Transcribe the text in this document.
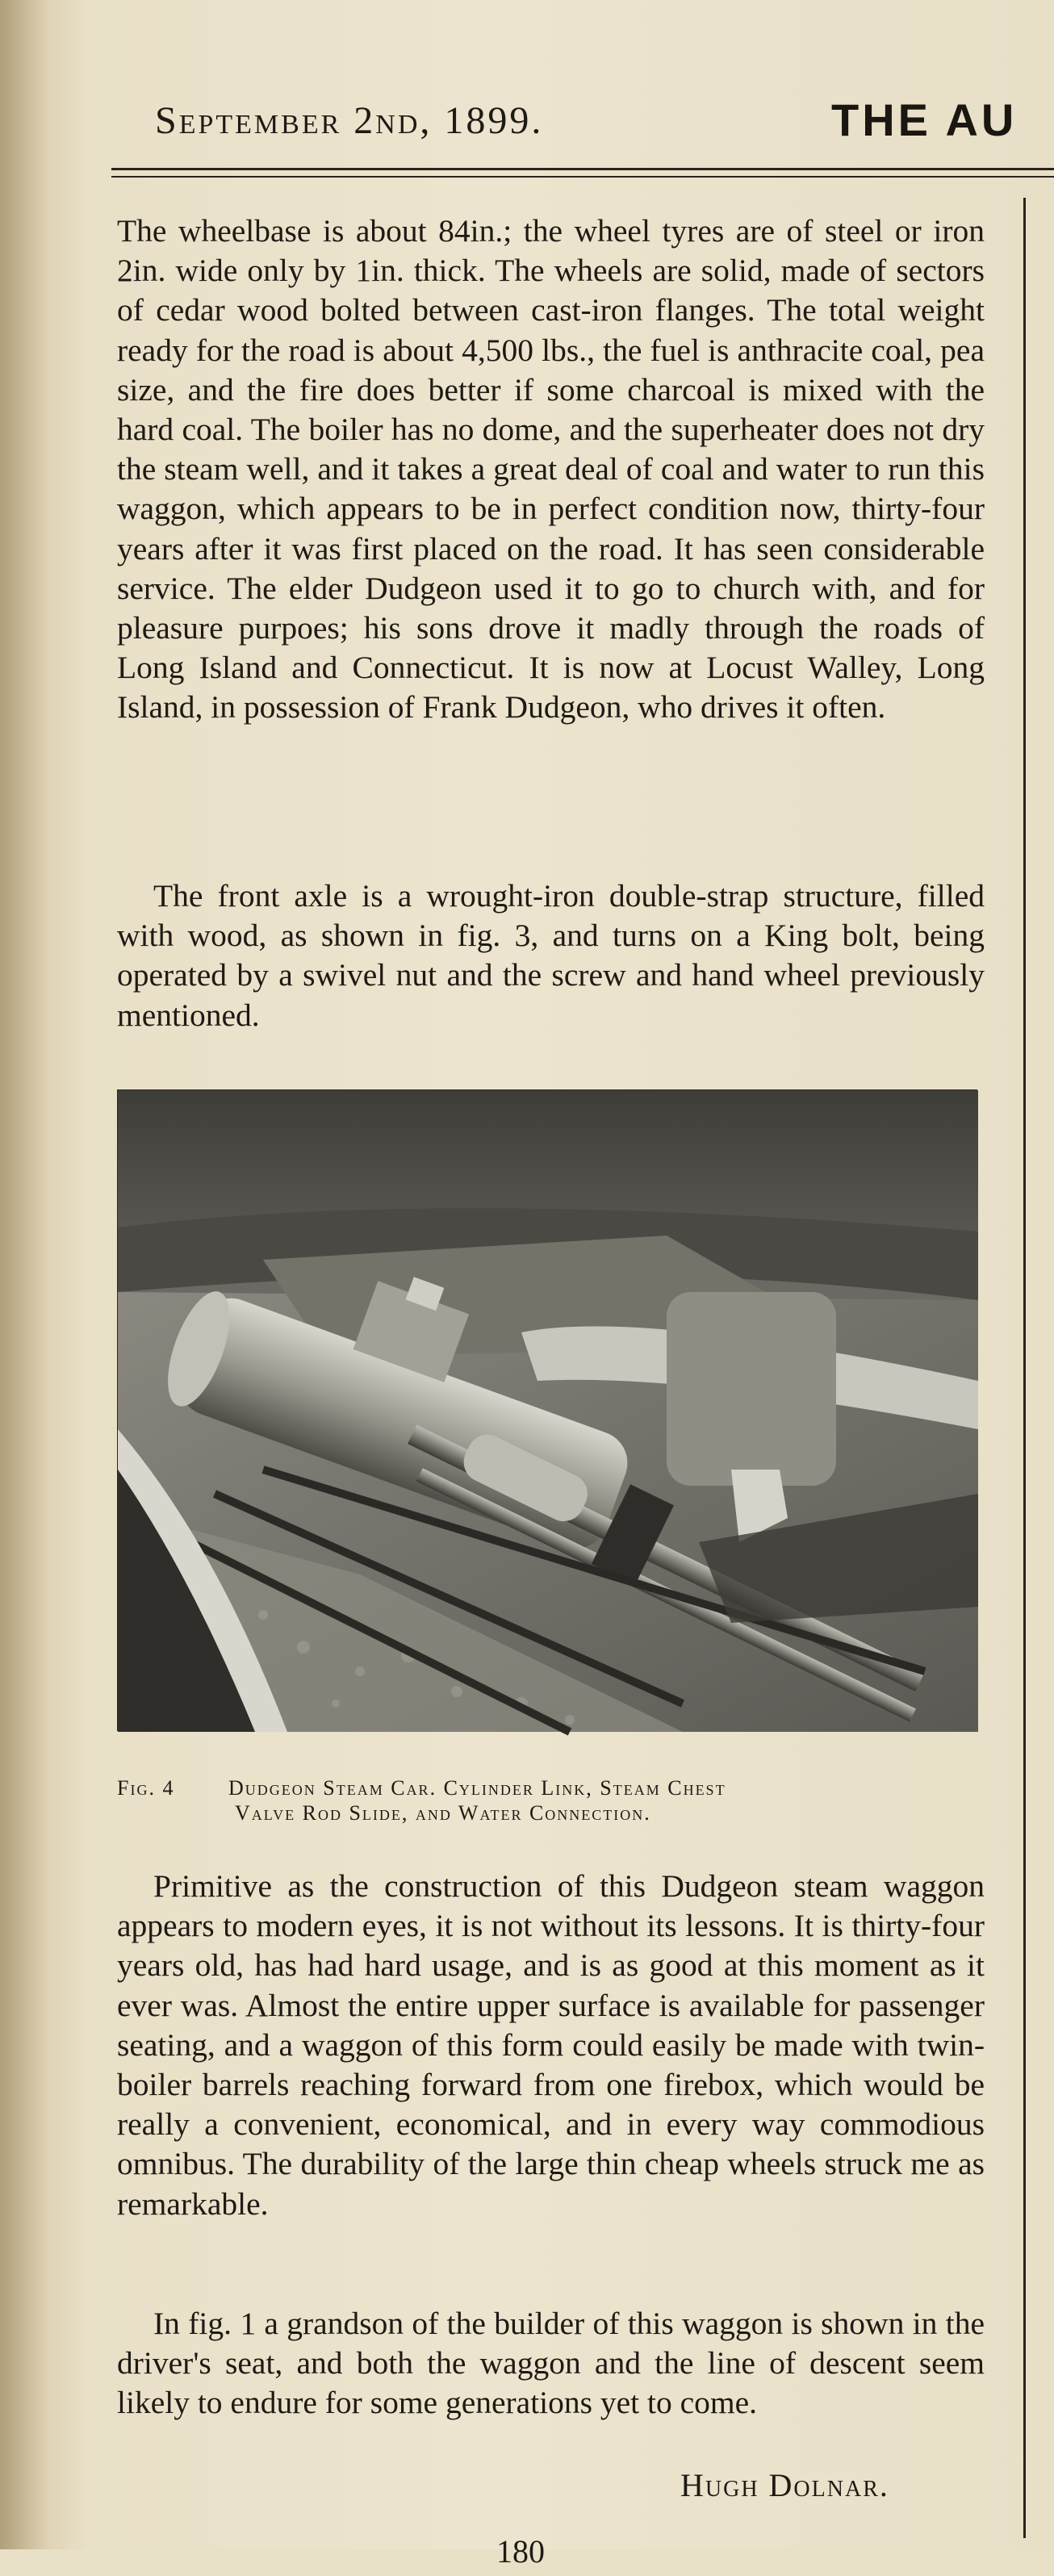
September 2nd, 1899.	THE AU

The wheelbase is about 84in.; the wheel tyres are of steel or iron 2in. wide only by 1in. thick. The wheels are solid, made of sectors of cedar wood bolted between cast-iron flanges. The total weight ready for the road is about 4,500 lbs., the fuel is anthracite coal, pea size, and the fire does better if some charcoal is mixed with the hard coal. The boiler has no dome, and the superheater does not dry the steam well, and it takes a great deal of coal and water to run this waggon, which appears to be in perfect condition now, thirty-four years after it was first placed on the road. It has seen considerable service. The elder Dudgeon used it to go to church with, and for pleasure purpoes; his sons drove it madly through the roads of Long Island and Connecticut. It is now at Locust Walley, Long Island, in possession of Frank Dudgeon, who drives it often.

The front axle is a wrought-iron double-strap structure, filled with wood, as shown in fig. 3, and turns on a King bolt, being operated by a swivel nut and the screw and hand wheel previously mentioned.

Fig. 4	Dudgeon Steam Car. Cylinder Link, Steam Chest
Valve Rod Slide, and Water Connection.

Primitive as the construction of this Dudgeon steam waggon appears to modern eyes, it is not without its lessons. It is thirty-four years old, has had hard usage, and is as good at this moment as it ever was. Almost the entire upper surface is available for passenger seating, and a waggon of this form could easily be made with twin-boiler barrels reaching forward from one firebox, which would be really a convenient, economical, and in every way commodious omnibus. The durability of the large thin cheap wheels struck me as remarkable.

In fig. 1 a grandson of the builder of this waggon is shown in the driver's seat, and both the waggon and the line of descent seem likely to endure for some generations yet to come.

Hugh Dolnar.
180
